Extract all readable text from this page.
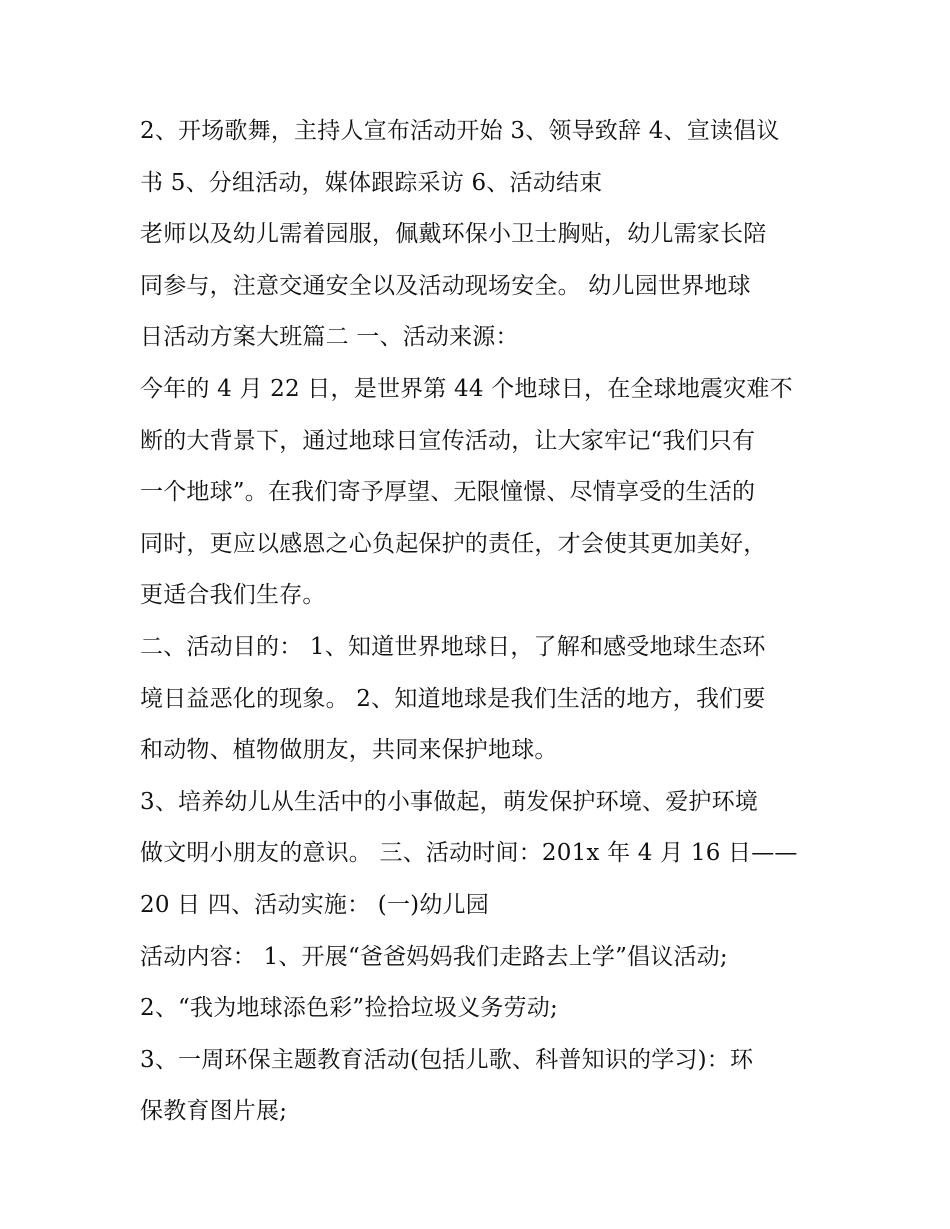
2、开场歌舞，主持人宣布活动开始 3、领导致辞 4、宣读倡议
书 5、分组活动，媒体跟踪采访 6、活动结束
老师以及幼儿需着园服，佩戴环保小卫士胸贴，幼儿需家长陪
同参与，注意交通安全以及活动现场安全。 幼儿园世界地球
日活动方案大班篇二 一、活动来源：
今年的 4 月 22 日，是世界第 44 个地球日，在全球地震灾难不
断的大背景下，通过地球日宣传活动，让大家牢记“我们只有
一个地球”。在我们寄予厚望、无限憧憬、尽情享受的生活的
同时，更应以感恩之心负起保护的责任，才会使其更加美好，
更适合我们生存。
二、活动目的： 1、知道世界地球日，了解和感受地球生态环
境日益恶化的现象。 2、知道地球是我们生活的地方，我们要
和动物、植物做朋友，共同来保护地球。
3、培养幼儿从生活中的小事做起，萌发保护环境、爱护环境
做文明小朋友的意识。 三、活动时间：201x 年 4 月 16 日——
20 日 四、活动实施： (一)幼儿园
活动内容： 1、开展“爸爸妈妈我们走路去上学”倡议活动;
2、“我为地球添色彩”捡拾垃圾义务劳动;
3、一周环保主题教育活动(包括儿歌、科普知识的学习)：环
保教育图片展;
